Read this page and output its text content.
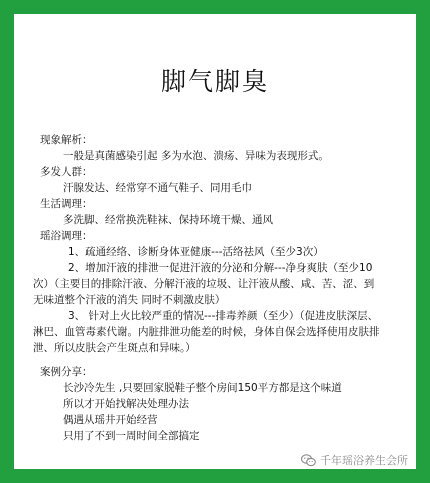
脚气脚臭
现象解析：
一般是真菌感染引起 多为水泡、溃疡、异味为表现形式。
多发人群：
汗腺发达、经常穿不通气鞋子、同用毛巾
生活调理：
多洗脚、经常换洗鞋袜、保持环境干燥、通风
瑶浴调理：
1、疏通经络、诊断身体亚健康---活络祛风（至少3次）
2、增加汗液的排泄一促进汗液的分泌和分解---净身爽肤（至少10
次）（主要目的排除汗液、分解汗液的垃圾、让汗液从酸、咸、苦、涩、到
无味道整个汗液的消失 同时不刺激皮肤）
3、 针对上火比较严重的情况---排毒养颜（至少）（促进皮肤深层、
淋巴、血管毒素代谢。内脏排泄功能差的时候，身体自保会选择使用皮肤排
泄、所以皮肤会产生斑点和异味。）
案例分享：
长沙冷先生 ,只要回家脱鞋子整个房间150平方都是这个味道
所以才开始找解决处理办法
偶遇从瑶井开始经营
只用了不到一周时间全部搞定
千年瑶浴养生会所
